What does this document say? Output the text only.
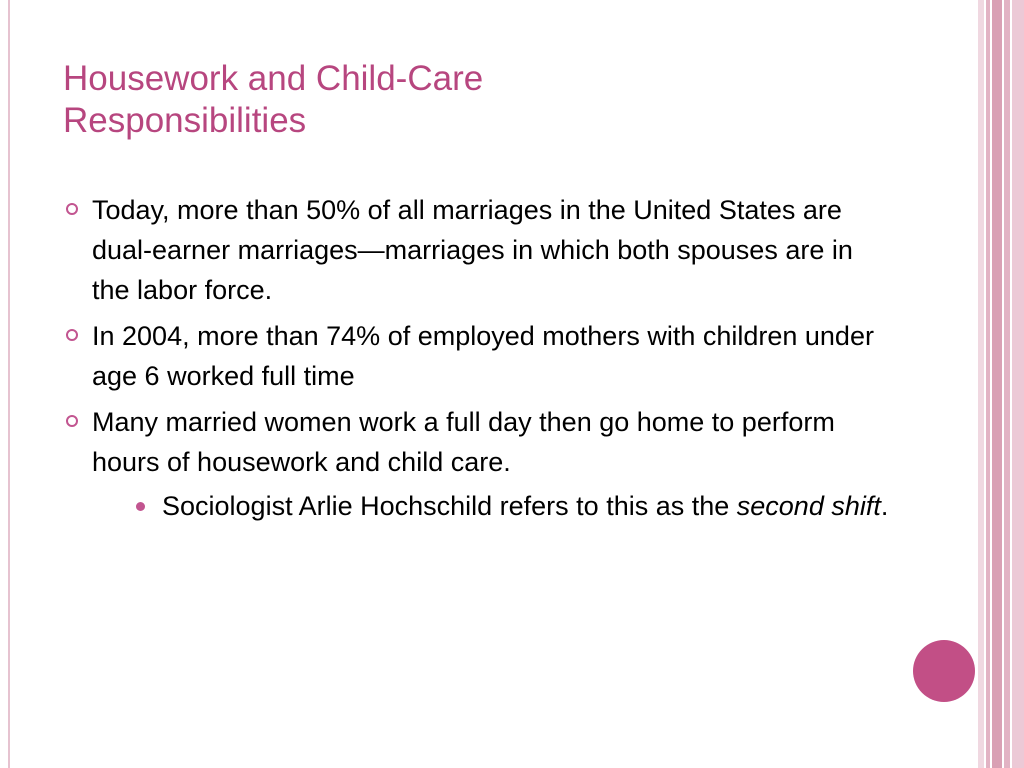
Housework and Child-Care
Responsibilities
Today, more than 50% of all marriages in the United States are dual-earner marriages—marriages in which both spouses are in the labor force.
In 2004, more than 74% of employed mothers with children under age 6 worked full time
Many married women work a full day then go home to perform hours of housework and child care.
Sociologist Arlie Hochschild refers to this as the second shift.
